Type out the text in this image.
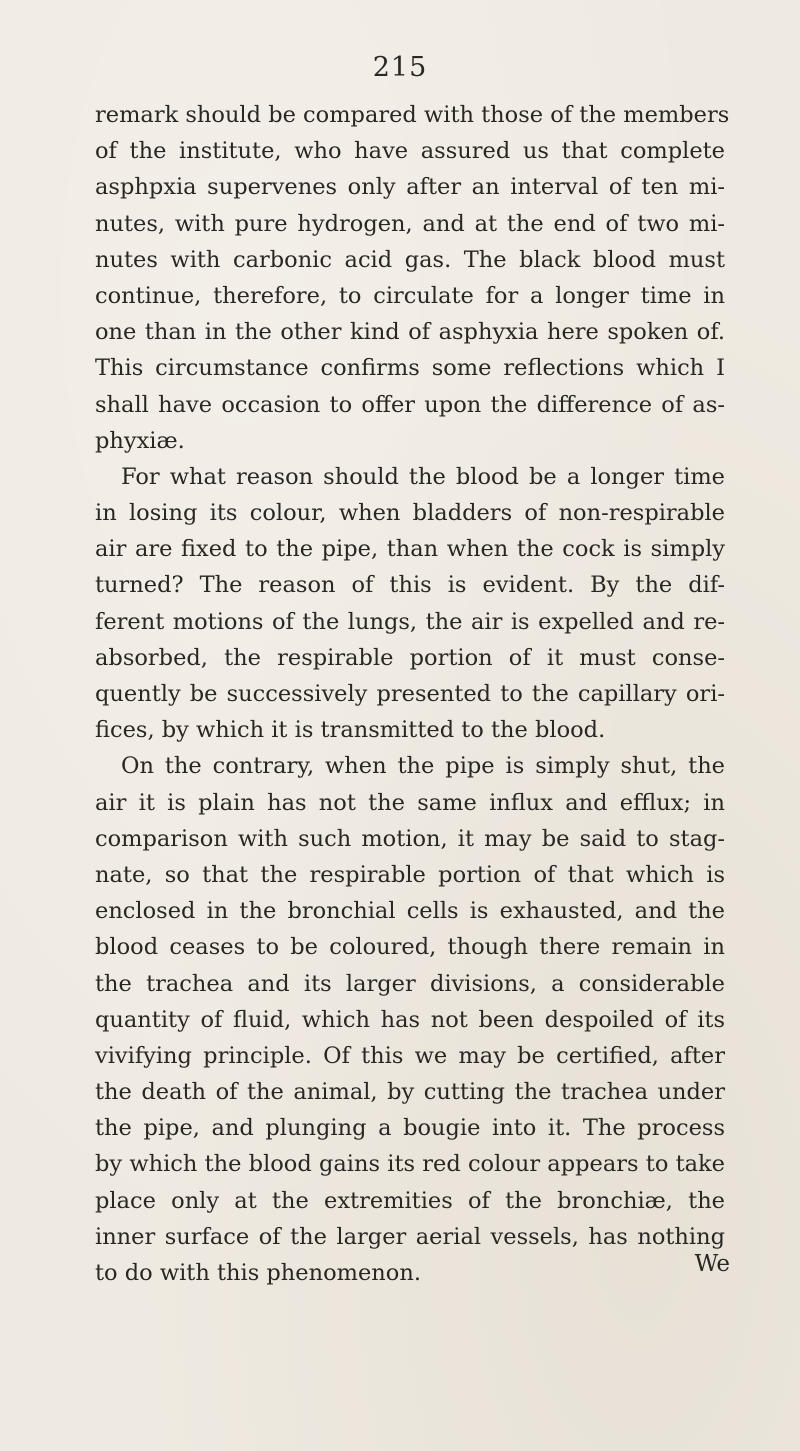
215
remark should be compared with those of the members
of the institute, who have assured us that complete
asphpxia supervenes only after an interval of ten mi-
nutes, with pure hydrogen, and at the end of two mi-
nutes with carbonic acid gas. The black blood must
continue, therefore, to circulate for a longer time in
one than in the other kind of asphyxia here spoken of.
This circumstance confirms some reflections which I
shall have occasion to offer upon the difference of as-
phyxiæ.
For what reason should the blood be a longer time
in losing its colour, when bladders of non-respirable
air are fixed to the pipe, than when the cock is simply
turned? The reason of this is evident. By the dif-
ferent motions of the lungs, the air is expelled and re-
absorbed, the respirable portion of it must conse-
quently be successively presented to the capillary ori-
fices, by which it is transmitted to the blood.
On the contrary, when the pipe is simply shut, the
air it is plain has not the same influx and efflux; in
comparison with such motion, it may be said to stag-
nate, so that the respirable portion of that which is
enclosed in the bronchial cells is exhausted, and the
blood ceases to be coloured, though there remain in
the trachea and its larger divisions, a considerable
quantity of fluid, which has not been despoiled of its
vivifying principle. Of this we may be certified, after
the death of the animal, by cutting the trachea under
the pipe, and plunging a bougie into it. The process
by which the blood gains its red colour appears to take
place only at the extremities of the bronchiæ, the
inner surface of the larger aerial vessels, has nothing
to do with this phenomenon.	We
